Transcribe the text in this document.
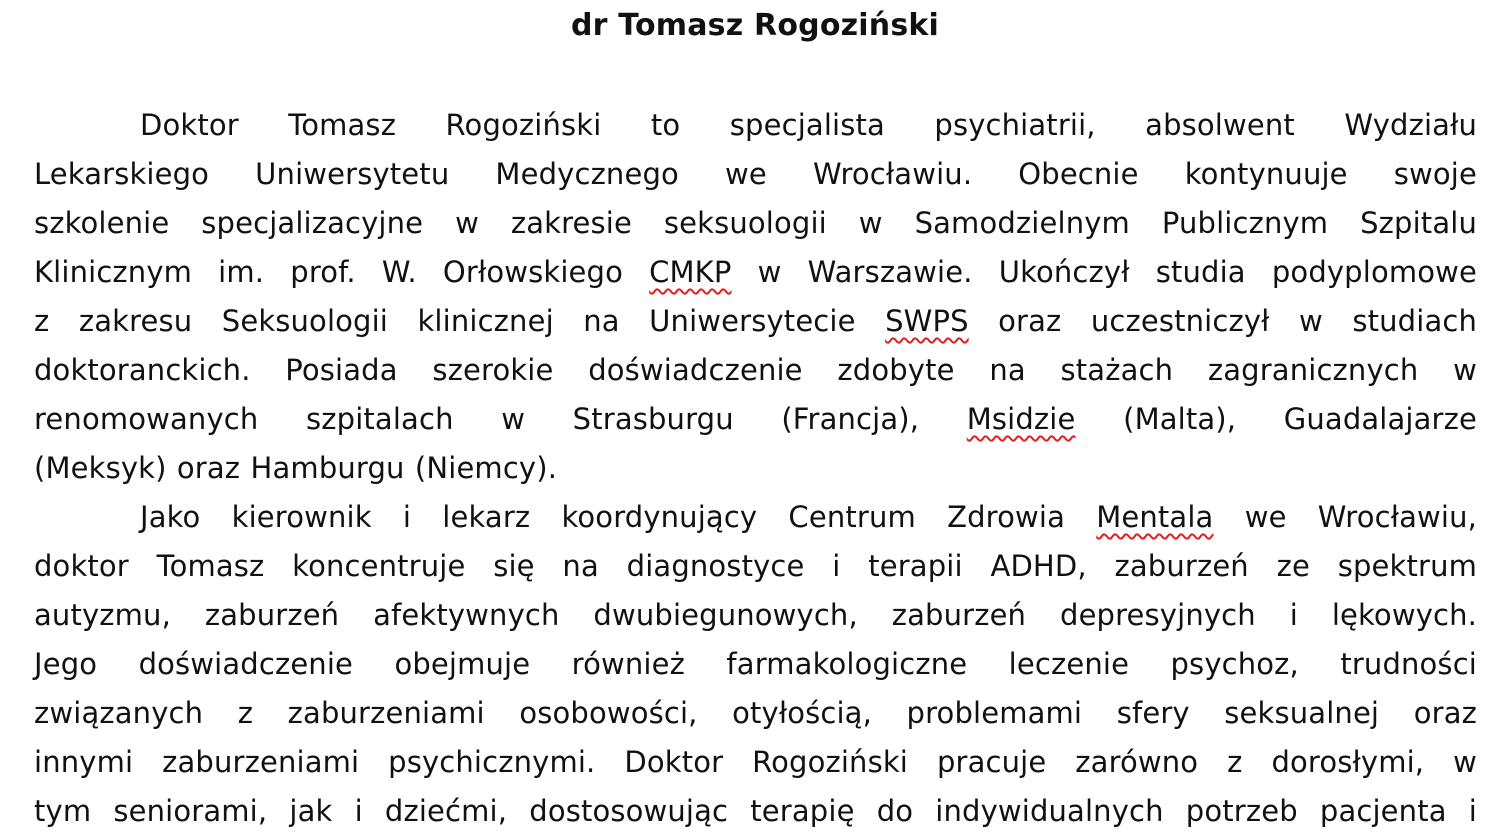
dr Tomasz Rogoziński
Doktor Tomasz Rogoziński to specjalista psychiatrii, absolwent Wydziału
Lekarskiego Uniwersytetu Medycznego we Wrocławiu. Obecnie kontynuuje swoje
szkolenie specjalizacyjne w zakresie seksuologii w Samodzielnym Publicznym Szpitalu
Klinicznym im. prof. W. Orłowskiego CMKP w Warszawie. Ukończył studia podyplomowe
z zakresu Seksuologii klinicznej na Uniwersytecie SWPS oraz uczestniczył w studiach
doktoranckich. Posiada szerokie doświadczenie zdobyte na stażach zagranicznych w
renomowanych szpitalach w Strasburgu (Francja), Msidzie (Malta), Guadalajarze
(Meksyk) oraz Hamburgu (Niemcy).
Jako kierownik i lekarz koordynujący Centrum Zdrowia Mentala we Wrocławiu,
doktor Tomasz koncentruje się na diagnostyce i terapii ADHD, zaburzeń ze spektrum
autyzmu, zaburzeń afektywnych dwubiegunowych, zaburzeń depresyjnych i lękowych.
Jego doświadczenie obejmuje również farmakologiczne leczenie psychoz, trudności
związanych z zaburzeniami osobowości, otyłością, problemami sfery seksualnej oraz
innymi zaburzeniami psychicznymi. Doktor Rogoziński pracuje zarówno z dorosłymi, w
tym seniorami, jak i dziećmi, dostosowując terapię do indywidualnych potrzeb pacjenta i
